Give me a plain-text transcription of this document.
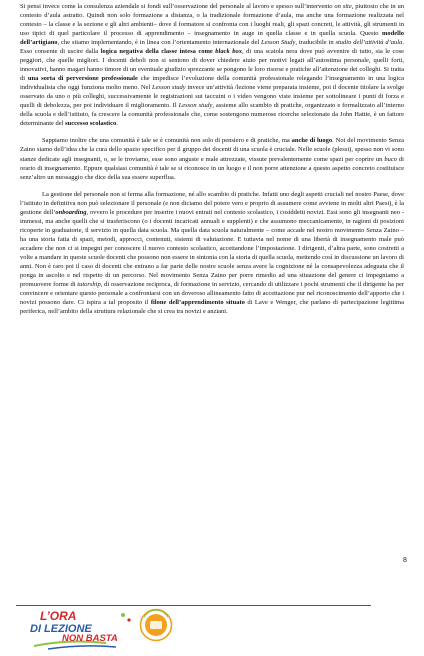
Si pensi invece come la consulenza aziendale si fondi sull’osservazione del personale al lavoro e spesso sull’intervento on site, piuttosto che in un contesto d’aula astratto. Quindi non solo formazione a distanza, o la tradizionale formazione d’aula, ma anche una formazione realizzata nel contesto – la classe e la sezione e gli altri ambienti– dove il formatore si confronta con i luoghi reali, gli spazi concreti, le attività, gli strumenti in uso tipici di quel particolare il processo di apprendimento – insegnamento in auge in quella classe e in quella scuola. Questo modello dell’artigiano, che stiamo implementando, è in linea con l’orientamento internazionale del Lesson Study, traducibile in studio dell’attività d’aula. Esso consente di uscire dalla logica negativa della classe intesa come black box, di una scatola nera dove può avvenire di tutto, sia le cose peggiori, che quelle migliori. I docenti deboli non si sentono di dover chiedere aiuto per motivi legati all’autostima personale, quelli forti, innovativi, hanno magari hanno timore di un eventuale giudizio sprezzante se pongono le loro risorse e pratiche all’attenzione dei colleghi. Si tratta di una sorta di perversione professionale che impedisce l’evoluzione della comunità professionale relegando l’insegnamento in una logica individualista che oggi funziona molto meno. Nel Lesson study invece un’attività /lezione viene preparata insieme, poi il docente titolare la svolge osservato da uno o più colleghi, successivamente le registrazioni sui taccuini o i video vengono viste insieme per sottolineare i punti di forza e quelli di debolezza, per poi individuare il miglioramento. Il Lesson study, assieme allo scambio di pratiche, organizzato e formalizzato all’interno della scuola e dell’istituto, fa crescere la comunità professionale che, come sostengono numerose ricerche selezionate da John Hattie, è un fattore determinante del successo scolastico.

Sappiamo inoltre che una comunità è tale se è comunità non solo di pensiero e di pratiche, ma anche di luogo. Noi del movimento Senza Zaino siamo dell’idea che la cura dello spazio specifico per il gruppo dei docenti di una scuola è cruciale. Nelle scuole (plessi), spesso non vi sono stanze dedicate agli insegnanti, o, se le troviamo, esse sono anguste e male attrezzate, vissute prevalentemente come spazi per coprire un buco di orario di insegnamento. Eppure qualsiasi comunità è tale se si riconosce in un luogo e il non porre attenzione a questo aspetto concreto costituisce senz’altro un messaggio che dice della sua essere superflua.

La gestione del personale non si ferma alla formazione, né allo scambio di pratiche. Infatti uno degli aspetti cruciali nel nostro Paese, dove l’istituto in definitiva non può selezionare il personale (e non diciamo del potere vero e proprio di assumere come avviene in molti altri Paesi), è la gestione dell’onboarding, ovvero le procedure per inserire i nuovi entrati nel contesto scolastico, i cosiddetti novizi. Essi sono gli insegnanti neo - immessi, ma anche quelli che si trasferiscono (o i docenti incaricati annuali e supplenti) e che assumono meccanicamente, in ragioni di posizioni ricoperte in graduatorie, il servizio in quella data scuola. Ma quella data scuola naturalmente – come accade nel nostro movimento Senza Zaino – ha una storia fatta di spazi, metodi, approcci, contenuti, sistemi di valutazione. E tuttavia nel nome di una libertà di insegnamento male può accadere che non ci si impegni per conoscere il nuovo contesto scolastico, accettandone l’impostazione. I dirigenti, d’altra parte, sono costretti a volte a mandare in queste scuole docenti che possono non essere in sintonia con la storia di quella scuola, mettendo così in discussione un lavoro di anni. Non è raro poi il caso di docenti che entrano a far parte delle nostre scuole senza avere la cognizione né la consapevolezza adeguata che il ponga in ascolto e nel rispetto di un percorso. Nel movimento Senza Zaino per porre rimedio ad una situazione del genere ci impegniamo a promuovere forme di tutorship, di osservazione reciproca, di formazione in servizio, cercando di utilizzare i pochi strumenti che il dirigente ha per convincere e orientare questo personale a confrontarsi con un doveroso allineamento fatto di accettazione pur nel riconoscimento dell’apporto che i novizi possono dare. Ci ispira a tal proposito il filone dell’apprendimento situato di Lave e Wenger, che parlano di partecipazione legittima periferica, nell’ambito della struttura relazionale che si crea tra novizi e anziani.

8
L’ORA
DI LEZIONE
NON BASTA
